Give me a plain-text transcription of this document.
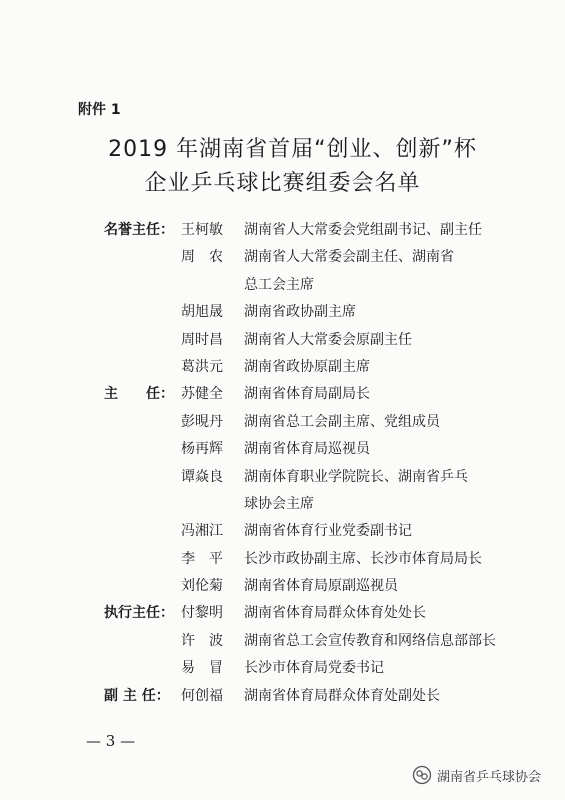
附件 1
2019 年湖南省首届“创业、创新”杯
企业乒乓球比赛组委会名单
名誉主任： 王柯敏	湖南省人大常委会党组副书记、副主任
周　农	湖南省人大常委会副主任、湖南省
总工会主席
胡旭晟	湖南省政协副主席
周时昌	湖南省人大常委会原副主任
葛洪元	湖南省政协原副主席
主　　任： 苏健全	湖南省体育局副局长
彭晛丹	湖南省总工会副主席、党组成员
杨再辉	湖南省体育局巡视员
谭焱良	湖南体育职业学院院长、湖南省乒乓
球协会主席
冯湘江	湖南省体育行业党委副书记
李　平	长沙市政协副主席、长沙市体育局局长
刘伦菊	湖南省体育局原副巡视员
执行主任： 付黎明	湖南省体育局群众体育处处长
许　波	湖南省总工会宣传教育和网络信息部部长
易　冒	长沙市体育局党委书记
副 主 任： 何创福	湖南省体育局群众体育处副处长
— 3 —
湖南省乒乓球协会
